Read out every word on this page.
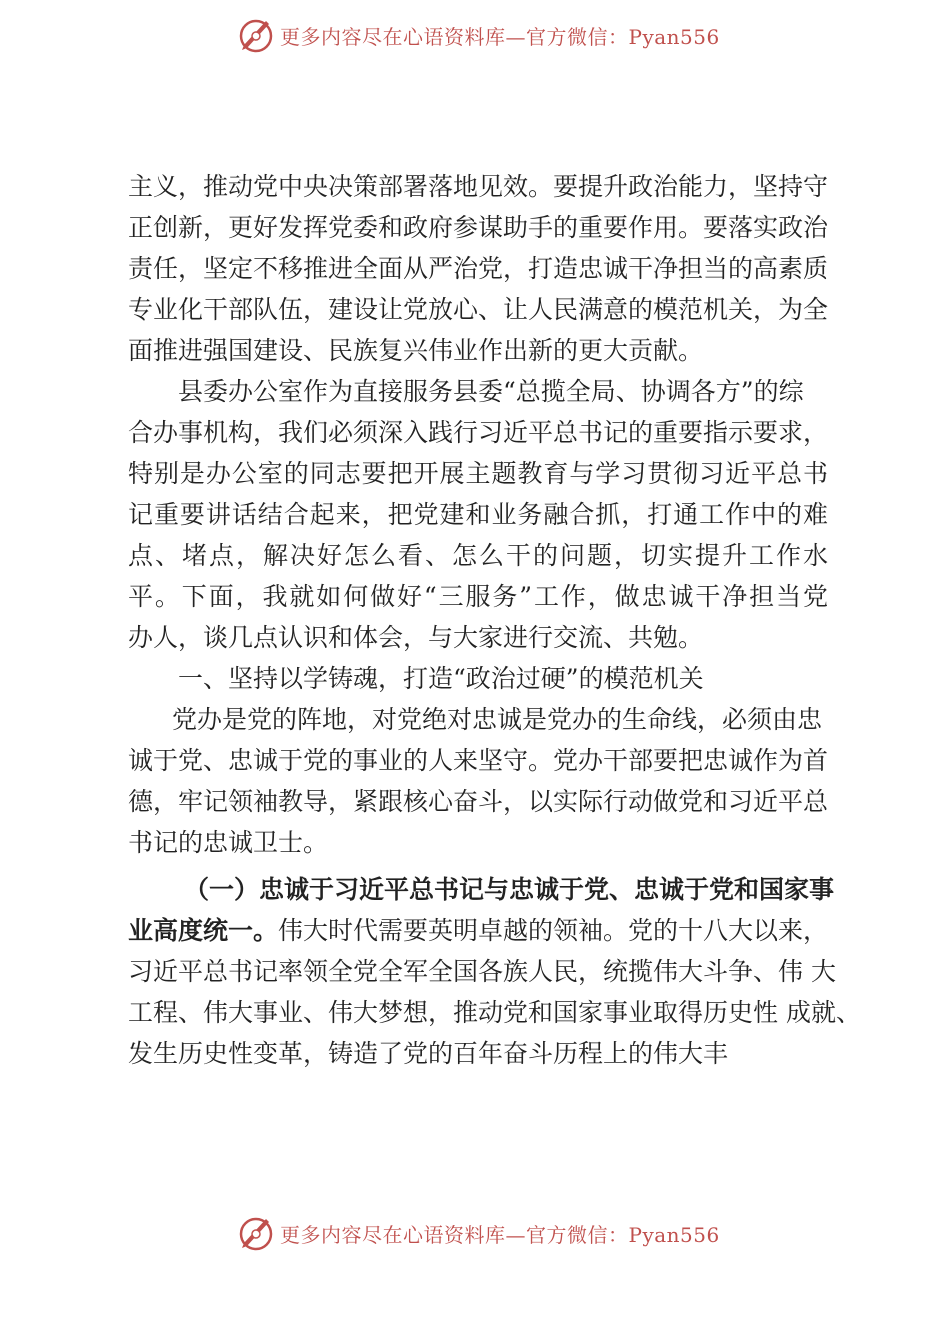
更多内容尽在心语资料库—官方微信：Pyan556
主义，推动党中央决策部署落地见效。要提升政治能力，坚持守
正创新，更好发挥党委和政府参谋助手的重要作用。要落实政治
责任，坚定不移推进全面从严治党，打造忠诚干净担当的高素质
专业化干部队伍，建设让党放心、让人民满意的模范机关，为全
面推进强国建设、民族复兴伟业作出新的更大贡献。
县委办公室作为直接服务县委“总揽全局、协调各方”的综
合办事机构，我们必须深入践行习近平总书记的重要指示要求，
特别是办公室的同志要把开展主题教育与学习贯彻习近平总书
记重要讲话结合起来，把党建和业务融合抓，打通工作中的难
点、堵点，解决好怎么看、怎么干的问题，切实提升工作水
平。下面，我就如何做好“三服务”工作，做忠诚干净担当党
办人，谈几点认识和体会，与大家进行交流、共勉。
一、坚持以学铸魂，打造“政治过硬”的模范机关
党办是党的阵地，对党绝对忠诚是党办的生命线，必须由忠
诚于党、忠诚于党的事业的人来坚守。党办干部要把忠诚作为首
德，牢记领袖教导，紧跟核心奋斗，以实际行动做党和习近平总
书记的忠诚卫士。
（一）忠诚于习近平总书记与忠诚于党、忠诚于党和国家事
业高度统一。伟大时代需要英明卓越的领袖。党的十八大以来，
习近平总书记率领全党全军全国各族人民，统揽伟大斗争、伟 大
工程、伟大事业、伟大梦想，推动党和国家事业取得历史性 成就、
发生历史性变革，铸造了党的百年奋斗历程上的伟大丰
更多内容尽在心语资料库—官方微信：Pyan556
